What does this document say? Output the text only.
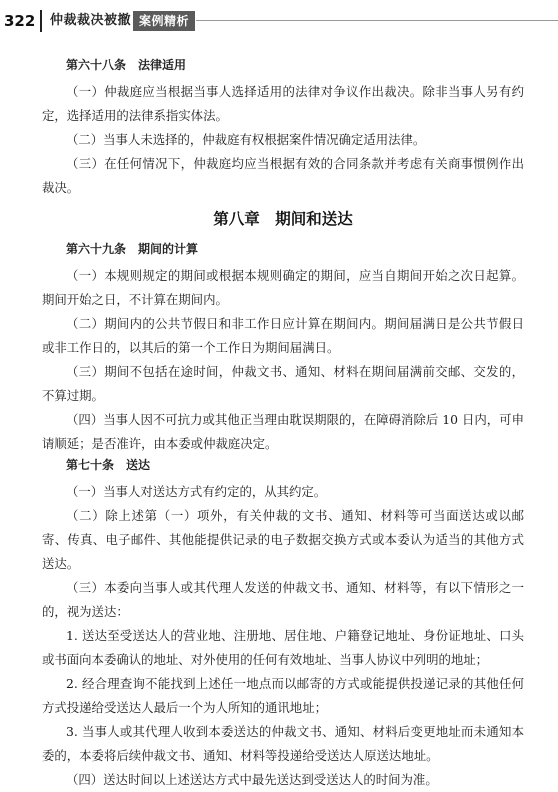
322 仲裁裁决被撤 案例精析
第六十八条　法律适用

（一）仲裁庭应当根据当事人选择适用的法律对争议作出裁决。除非当事人另有约定，选择适用的法律系指实体法。

（二）当事人未选择的，仲裁庭有权根据案件情况确定适用法律。

（三）在任何情况下，仲裁庭均应当根据有效的合同条款并考虑有关商事惯例作出裁决。

第八章　期间和送达
第六十九条　期间的计算

（一）本规则规定的期间或根据本规则确定的期间，应当自期间开始之次日起算。期间开始之日，不计算在期间内。

（二）期间内的公共节假日和非工作日应计算在期间内。期间届满日是公共节假日或非工作日的，以其后的第一个工作日为期间届满日。

（三）期间不包括在途时间，仲裁文书、通知、材料在期间届满前交邮、交发的，不算过期。

（四）当事人因不可抗力或其他正当理由耽误期限的，在障碍消除后 10 日内，可申请顺延；是否准许，由本委或仲裁庭决定。

第七十条　送达

（一）当事人对送达方式有约定的，从其约定。

（二）除上述第（一）项外，有关仲裁的文书、通知、材料等可当面送达或以邮寄、传真、电子邮件、其他能提供记录的电子数据交换方式或本委认为适当的其他方式送达。

（三）本委向当事人或其代理人发送的仲裁文书、通知、材料等，有以下情形之一的，视为送达：

1. 送达至受送达人的营业地、注册地、居住地、户籍登记地址、身份证地址、口头或书面向本委确认的地址、对外使用的任何有效地址、当事人协议中列明的地址；

2. 经合理查询不能找到上述任一地点而以邮寄的方式或能提供投递记录的其他任何方式投递给受送达人最后一个为人所知的通讯地址；

3. 当事人或其代理人收到本委送达的仲裁文书、通知、材料后变更地址而未通知本委的，本委将后续仲裁文书、通知、材料等投递给受送达人原送达地址。

（四）送达时间以上述送达方式中最先送达到受送达人的时间为准。
